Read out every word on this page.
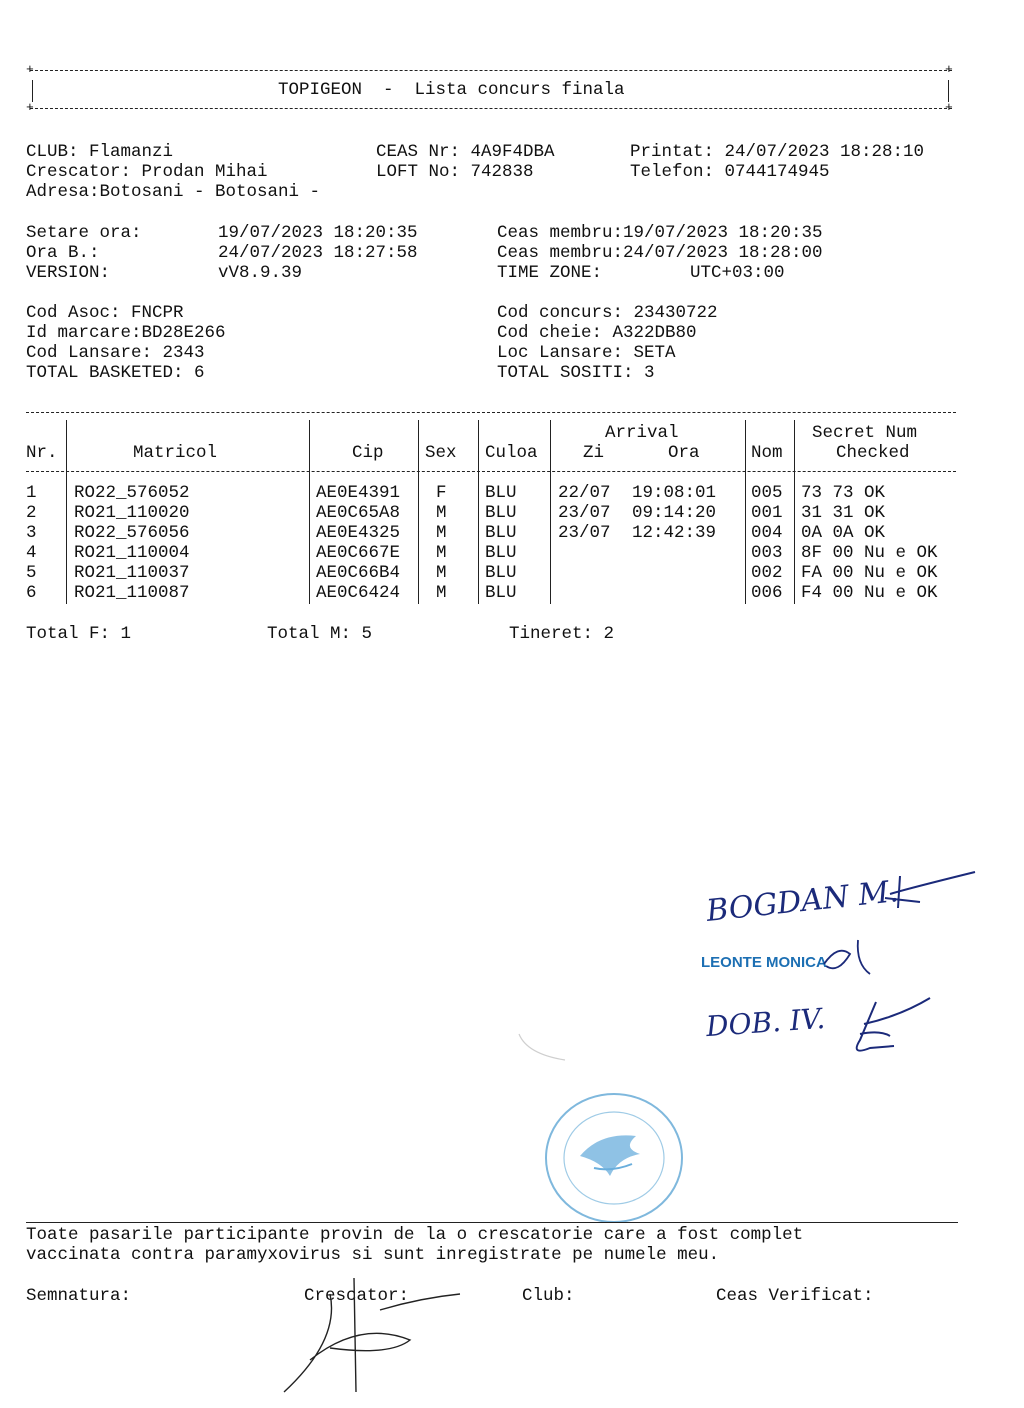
+	+
TOPIGEON  -  Lista concurs finala
+	+
CLUB: Flamanzi
Crescator: Prodan Mihai
Adresa:Botosani - Botosani -
CEAS Nr: 4A9F4DBA
LOFT No: 742838
Printat: 24/07/2023 18:28:10
Telefon: 0744174945
Setare ora:	19/07/2023 18:20:35
Ora B.:	24/07/2023 18:27:58
VERSION:	vV8.9.39
Ceas membru:19/07/2023 18:20:35
Ceas membru:24/07/2023 18:28:00
TIME ZONE:	UTC+03:00
Cod Asoc: FNCPR
Id marcare:BD28E266
Cod Lansare: 2343
TOTAL BASKETED: 6
Cod concurs: 23430722
Cod cheie: A322DB80
Loc Lansare: SETA
TOTAL SOSITI: 3
Arrival	Secret Num
Nr.	Matricol	Cip Sex Culoa	Zi	Ora	Nom	Checked
1 RO22_576052	AE0E4391 F BLU 22/07 19:08:01 005 73 73 OK
2 RO21_110020	AE0C65A8 M BLU 23/07 09:14:20 001 31 31 OK
3 RO22_576056	AE0E4325 M BLU 23/07 12:42:39 004 0A 0A OK
4 RO21_110004	AE0C667E M BLU	003 8F 00 Nu e OK
5 RO21_110037	AE0C66B4 M BLU	002 FA 00 Nu e OK
6 RO21_110087	AE0C6424 M BLU	006 F4 00 Nu e OK
Total F: 1	Total M: 5	Tineret: 2
BOGDAN M.
LEONTE MONICA
DOB. IV.
Toate pasarile participante provin de la o crescatorie care a fost complet
vaccinata contra paramyxovirus si sunt inregistrate pe numele meu.
Semnatura:	Crescator:	Club:	Ceas Verificat:
